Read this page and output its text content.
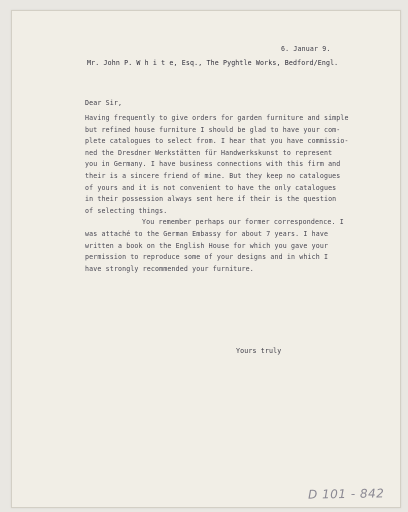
6. Januar 9.
Mr. John P. W h i t e, Esq., The Pyghtle Works, Bedford/Engl.
Dear Sir,
Having frequently to give orders for garden furniture and simple
but refined house furniture I should be glad to have your com-
plete catalogues to select from. I hear that you have commissio-
ned the Dresdner Werkstätten für Handwerkskunst to represent
you in Germany. I have business connections with this firm and
their is a sincere friend of mine. But they keep no catalogues
of yours and it is not convenient to have the only catalogues
in their possession always sent here if their is the question
of selecting things.
You remember perhaps our former correspondence. I
was attaché to the German Embassy for about 7 years. I have
written a book on the English House for which you gave your
permission to reproduce some of your designs and in which I
have strongly recommended your furniture.
Yours truly
D 101 - 842
